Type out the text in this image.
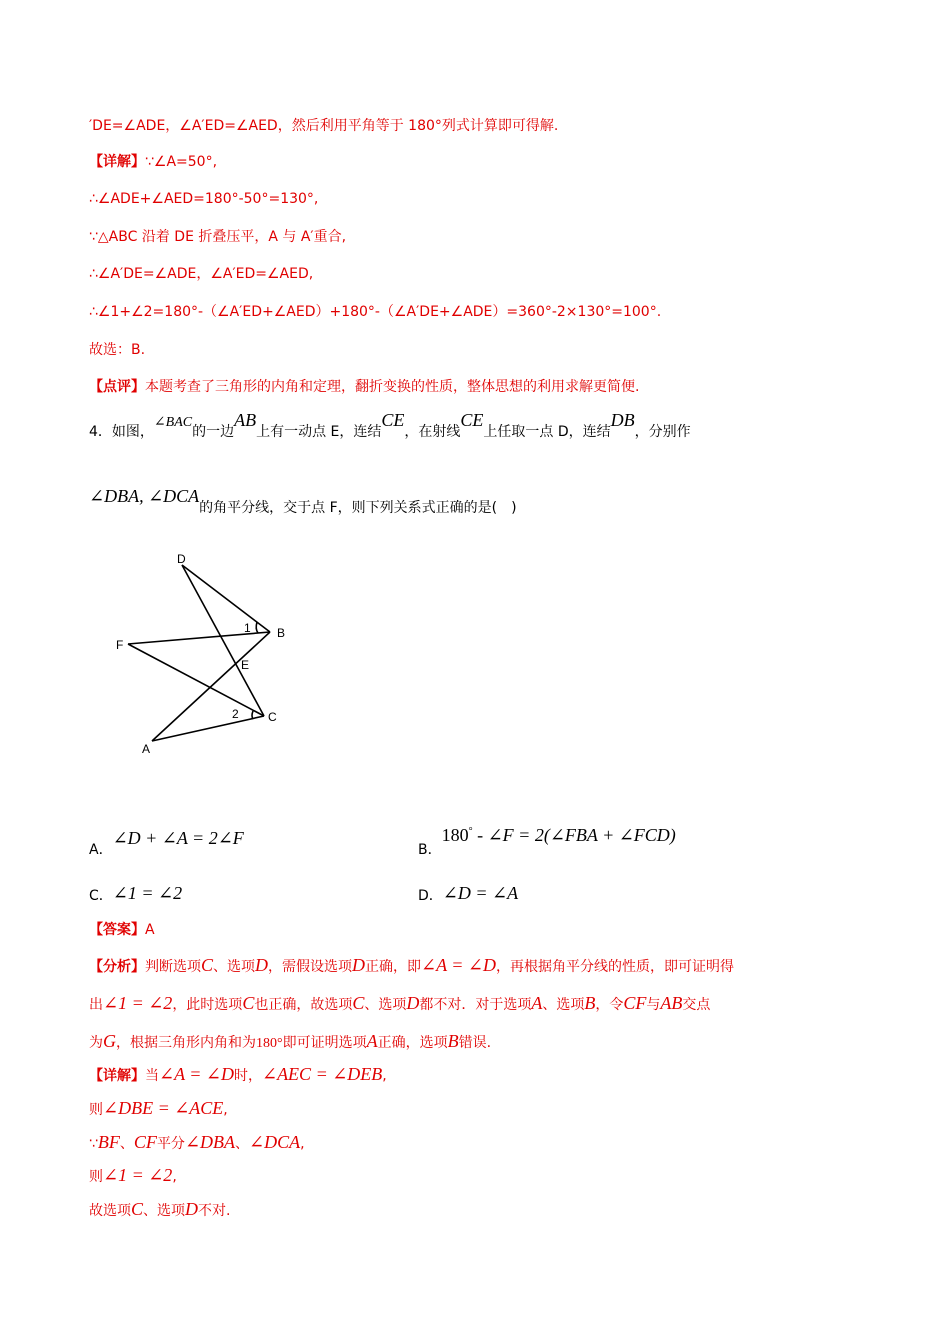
′DE=∠ADE，∠A′ED=∠AED，然后利用平角等于 180°列式计算即可得解.
【详解】∵∠A=50°,
∴∠ADE+∠AED=180°-50°=130°,
∵△ABC 沿着 DE 折叠压平，A 与 A′重合,
∴∠A′DE=∠ADE，∠A′ED=∠AED,
∴∠1+∠2=180°-（∠A′ED+∠AED）+180°-（∠A′DE+∠ADE）=360°-2×130°=100°.
故选：B.
【点评】本题考查了三角形的内角和定理，翻折变换的性质，整体思想的利用求解更简便.
4．如图，∠BAC的一边AB上有一动点 E，连结CE，在射线CE上任取一点 D，连结DB，分别作
∠DBA, ∠DCA的角平分线，交于点 F，则下列关系式正确的是(　)
D
B
F
E
C
A
1
2
A．∠D + ∠A = 2∠F
B．180° - ∠F = 2(∠FBA + ∠FCD)
C．∠1 = ∠2	D．∠D = ∠A
【答案】A
【分析】判断选项C、选项D，需假设选项D正确，即∠A = ∠D，再根据角平分线的性质，即可证明得
出∠1 = ∠2，此时选项C也正确，故选项C、选项D都不对．对于选项A、选项B，令CF与AB交点
为G，根据三角形内角和为180°即可证明选项A正确，选项B错误.
【详解】当∠A = ∠D时，∠AEC = ∠DEB,
则∠DBE = ∠ACE,
∵BF、CF平分∠DBA、∠DCA,
则∠1 = ∠2,
故选项C、选项D不对.
